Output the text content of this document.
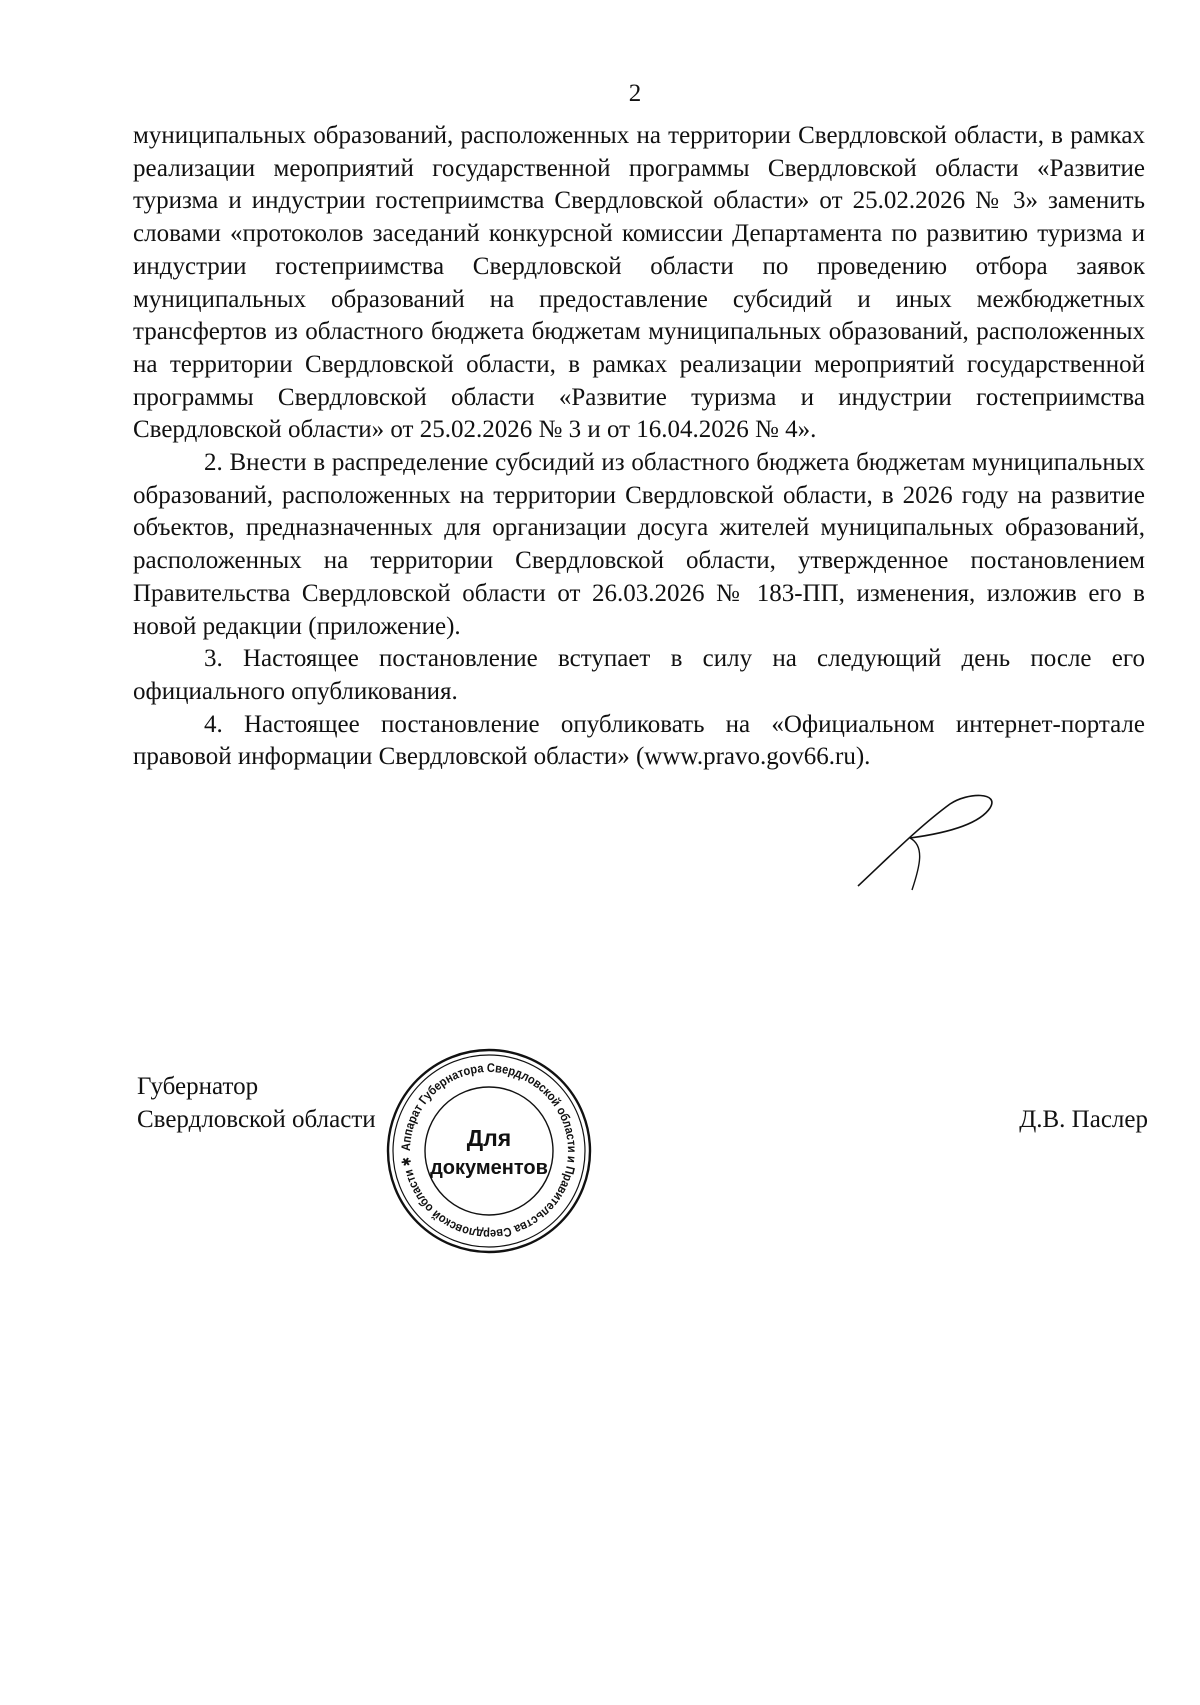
2

муниципальных образований, расположенных на территории Свердловской области, в рамках реализации мероприятий государственной программы Свердловской области «Развитие туризма и индустрии гостеприимства Свердловской области» от 25.02.2026 № 3» заменить словами «протоколов заседаний конкурсной комиссии Департамента по развитию туризма и индустрии гостеприимства Свердловской области по проведению отбора заявок муниципальных образований на предоставление субсидий и иных межбюджетных трансфертов из областного бюджета бюджетам муниципальных образований, расположенных на территории Свердловской области, в рамках реализации мероприятий государственной программы Свердловской области «Развитие туризма и индустрии гостеприимства Свердловской области» от 25.02.2026 № 3 и от 16.04.2026 № 4».

2. Внести в распределение субсидий из областного бюджета бюджетам муниципальных образований, расположенных на территории Свердловской области, в 2026 году на развитие объектов, предназначенных для организации досуга жителей муниципальных образований, расположенных на территории Свердловской области, утвержденное постановлением Правительства Свердловской области от 26.03.2026 № 183-ПП, изменения, изложив его в новой редакции (приложение).

3. Настоящее постановление вступает в силу на следующий день после его официального опубликования.

4. Настоящее постановление опубликовать на «Официальном интернет-портале правовой информации Свердловской области» (www.pravo.gov66.ru).

Губернатор
Свердловской области	Д.В. Паслер
Аппарат Губернатора Свердловской области и Правительства Свердловской области ✱
Для
документов
